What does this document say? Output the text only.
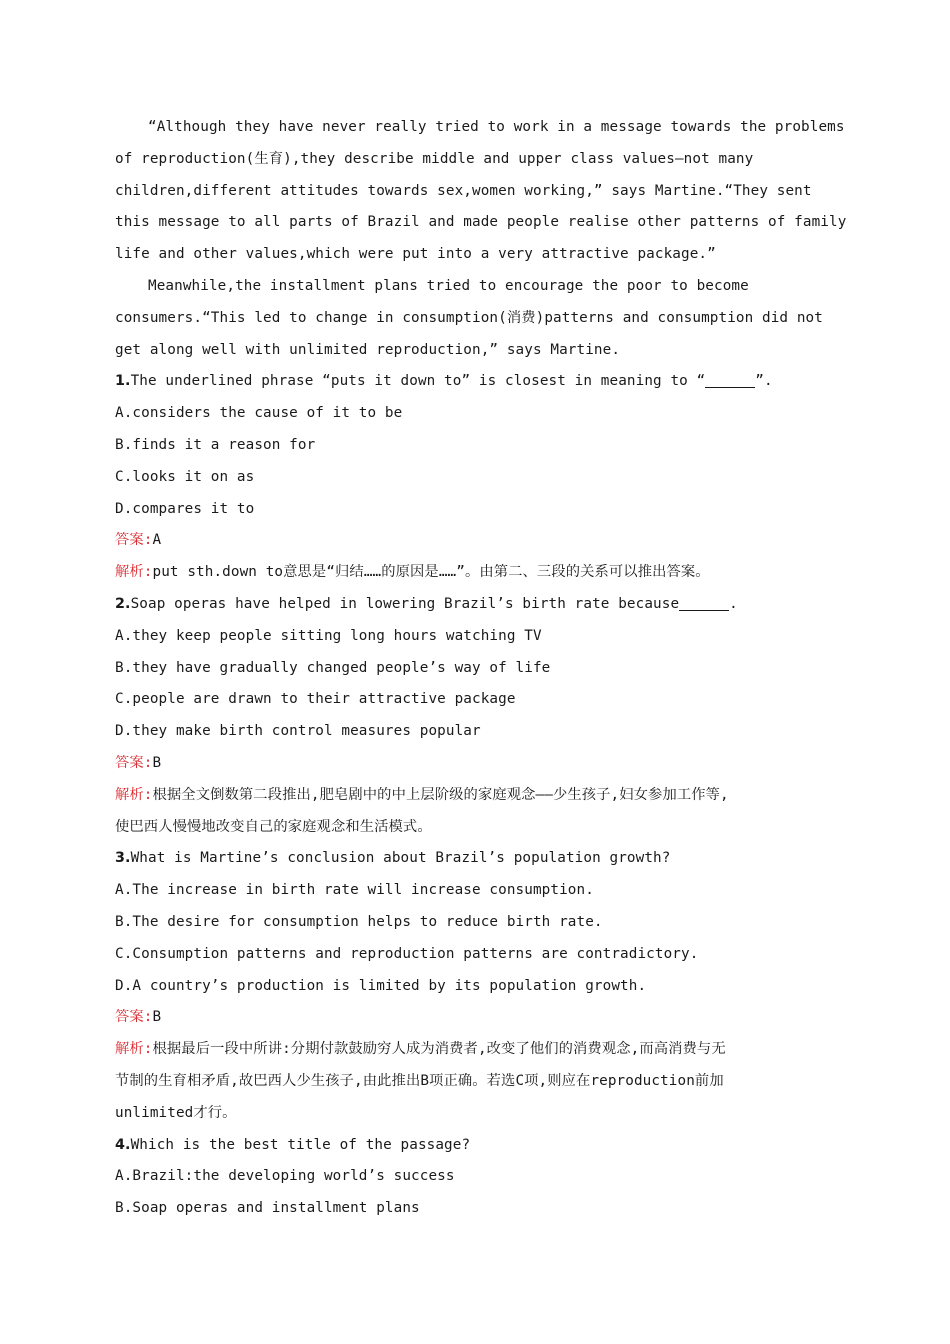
“Although they have never really tried to work in a message towards the problems
of reproduction(生育),they describe middle and upper class values—not many
children,different attitudes towards sex,women working,” says Martine.“They sent
this message to all parts of Brazil and made people realise other patterns of family
life and other values,which were put into a very attractive package.”
Meanwhile,the installment plans tried to encourage the poor to become
consumers.“This led to change in consumption(消费)patterns and consumption did not
get along well with unlimited reproduction,” says Martine.
1.The underlined phrase “puts it down to” is closest in meaning to “	”.
A.considers the cause of it to be
B.finds it a reason for
C.looks it on as
D.compares it to
答案:A
解析:put sth.down to意思是“归结……的原因是……”。由第二、三段的关系可以推出答案。
2.Soap operas have helped in lowering Brazil’s birth rate because	.
A.they keep people sitting long hours watching TV
B.they have gradually changed people’s way of life
C.people are drawn to their attractive package
D.they make birth control measures popular
答案:B
解析:根据全文倒数第二段推出,肥皂剧中的中上层阶级的家庭观念——少生孩子,妇女参加工作等,
使巴西人慢慢地改变自己的家庭观念和生活模式。
3.What is Martine’s conclusion about Brazil’s population growth?
A.The increase in birth rate will increase consumption.
B.The desire for consumption helps to reduce birth rate.
C.Consumption patterns and reproduction patterns are contradictory.
D.A country’s production is limited by its population growth.
答案:B
解析:根据最后一段中所讲:分期付款鼓励穷人成为消费者,改变了他们的消费观念,而高消费与无
节制的生育相矛盾,故巴西人少生孩子,由此推出B项正确。若选C项,则应在reproduction前加
unlimited才行。
4.Which is the best title of the passage?
A.Brazil:the developing world’s success
B.Soap operas and installment plans
